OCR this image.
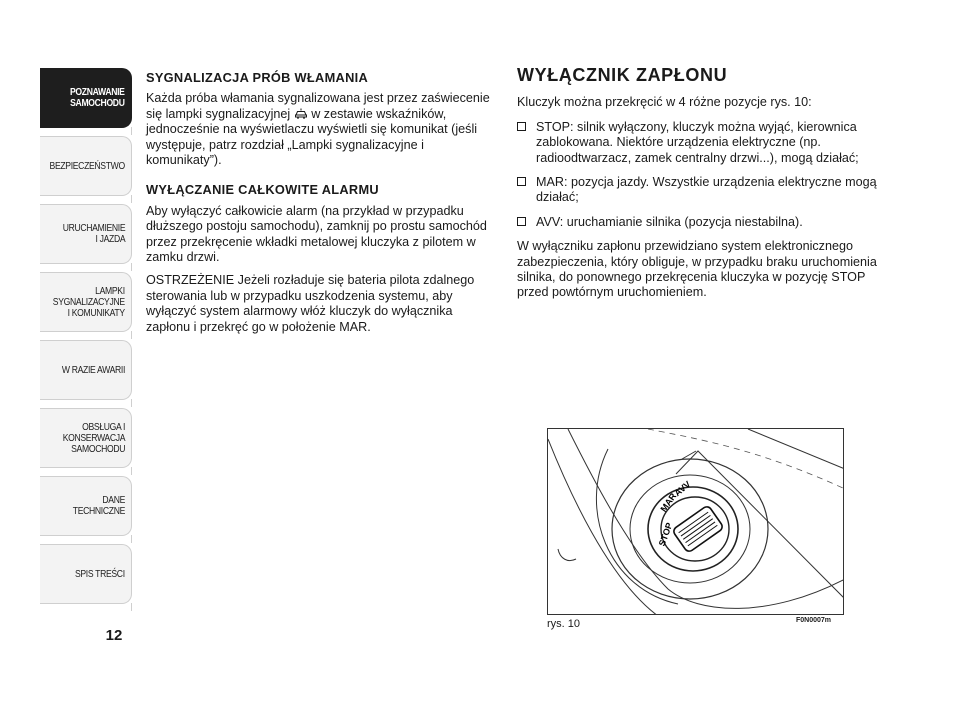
POZNAWANIE
SAMOCHODU
BEZPIECZEŃSTWO
URUCHAMIENIE
I JAZDA
LAMPKI
SYGNALIZACYJNE
I KOMUNIKATY
W RAZIE AWARII
OBSŁUGA I
KONSERWACJA
SAMOCHODU
DANE TECHNICZNE
SPIS TREŚCI
12
SYGNALIZACJA PRÓB WŁAMANIA

Każda próba włamania sygnalizowana jest przez zaświecenie się lampki sygnalizacyjnej  w zestawie wskaźników, jednocześnie na wyświetlaczu wyświetli się komunikat (jeśli występuje, patrz rozdział „Lampki sygnalizacyjne i komunikaty”).

WYŁĄCZANIE CAŁKOWITE ALARMU

Aby wyłączyć całkowicie alarm (na przykład w przypadku dłuższego postoju samochodu), zamknij po prostu samochód przez przekręcenie wkładki metalowej kluczyka z pilotem w zamku drzwi.

OSTRZEŻENIE Jeżeli rozładuje się bateria pilota zdalnego sterowania lub w przypadku uszkodzenia systemu, aby wyłączyć system alarmowy włóż kluczyk do wyłącznika zapłonu i przekręć go w położenie MAR.

WYŁĄCZNIK ZAPŁONU

Kluczyk można przekręcić w 4 różne pozycje rys. 10:

STOP: silnik wyłączony, kluczyk można wyjąć, kierownica zablokowana. Niektóre urządzenia elektryczne (np. radioodtwarzacz, zamek centralny drzwi...), mogą działać;
MAR: pozycja jazdy. Wszystkie urządzenia elektryczne mogą działać;
AVV: uruchamianie silnika (pozycja niestabilna).

W wyłączniku zapłonu przewidziano system elektronicznego zabezpieczenia, który obliguje, w przypadku braku uruchomienia silnika, do ponownego przekręcenia kluczyka w pozycję STOP przed powtórnym uruchomieniem.

STOP
MAR
AVV
rys. 10	F0N0007m
